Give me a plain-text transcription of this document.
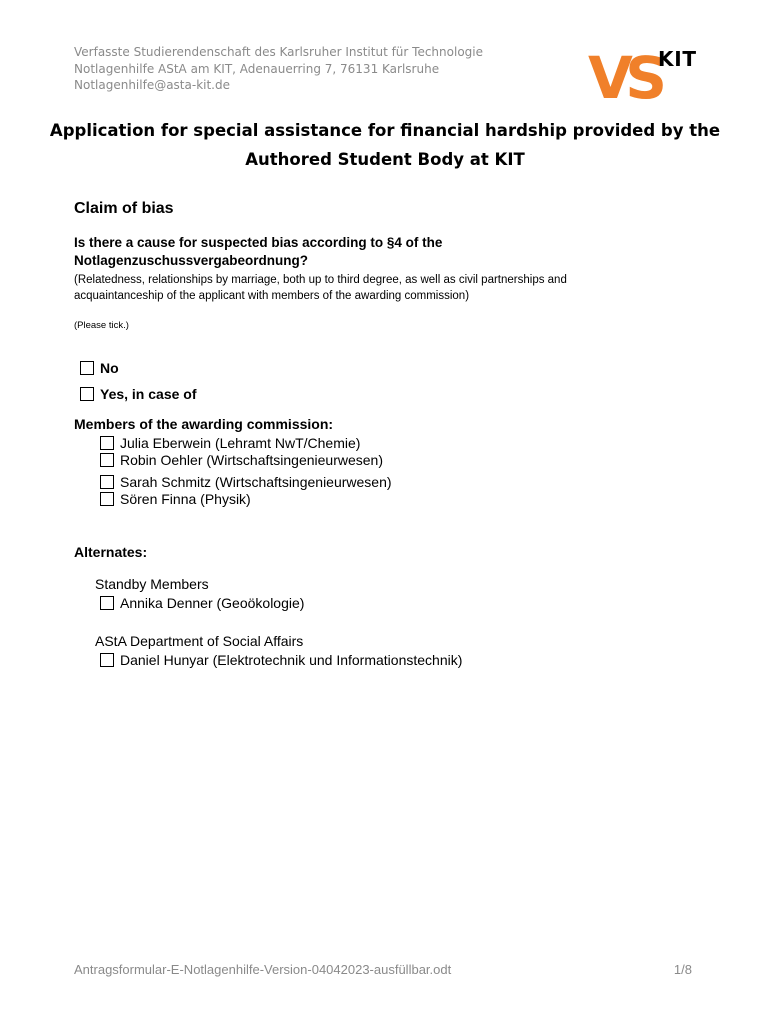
Verfasste Studierendenschaft des Karlsruher Institut für Technologie
Notlagenhilfe AStA am KIT, Adenauerring 7, 76131 Karlsruhe
Notlagenhilfe@asta-kit.de	VS
KIT
Application for special assistance for financial hardship provided by the
Authored Student Body at KIT
Claim of bias
Is there a cause for suspected bias according to §4 of the
Notlagenzuschussvergabeordnung?
(Relatedness, relationships by marriage, both up to third degree, as well as civil partnerships and
acquaintanceship of the applicant with members of the awarding commission)
(Please tick.)
No
Yes, in case of
Members of the awarding commission:
Julia Eberwein (Lehramt NwT/Chemie)
Robin Oehler (Wirtschaftsingenieurwesen)
Sarah Schmitz (Wirtschaftsingenieurwesen)
Sören Finna (Physik)
Alternates:
Standby Members
Annika Denner (Geoökologie)
AStA Department of Social Affairs
Daniel Hunyar (Elektrotechnik und Informationstechnik)
Antragsformular-E-Notlagenhilfe-Version-04042023-ausfüllbar.odt	1/8
